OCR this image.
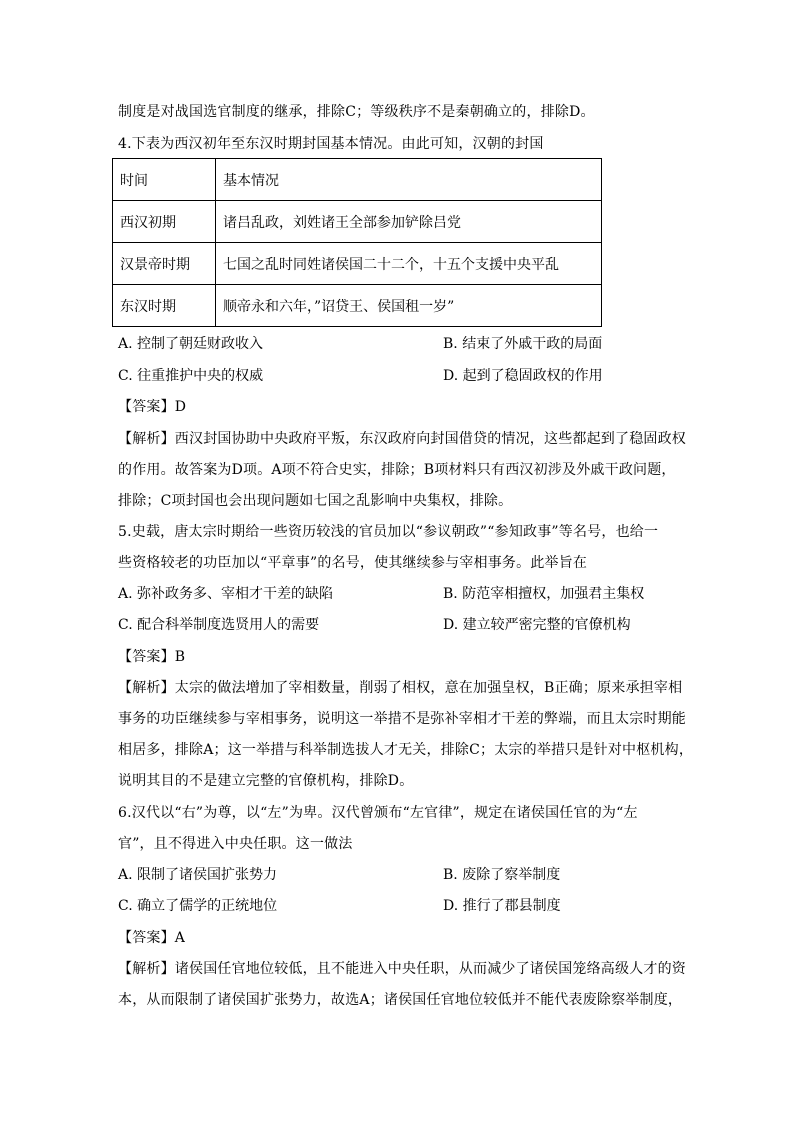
制度是对战国选官制度的继承，排除C；等级秩序不是秦朝确立的，排除D。
4.下表为西汉初年至东汉时期封国基本情况。由此可知，汉朝的封国
时间	基本情况
西汉初期	诸吕乱政，刘姓诸王全部参加铲除吕党
汉景帝时期	七国之乱时同姓诸侯国二十二个，十五个支援中央平乱
东汉时期	顺帝永和六年，”诏贷王、侯国租一岁”
A. 控制了朝廷财政收入	B. 结束了外戚干政的局面
C. 往重推护中央的权威	D. 起到了稳固政权的作用
【答案】D
【解析】西汉封国协助中央政府平叛，东汉政府向封国借贷的情况，这些都起到了稳固政权
的作用。故答案为D项。A项不符合史实，排除；B项材料只有西汉初涉及外戚干政问题，
排除；C项封国也会出现问题如七国之乱影响中央集权，排除。
5.史载，唐太宗时期给一些资历较浅的官员加以“参议朝政”“参知政事”等名号，也给一
些资格较老的功臣加以“平章事”的名号，使其继续参与宰相事务。此举旨在
A. 弥补政务多、宰相才干差的缺陷	B. 防范宰相擅权，加强君主集权
C. 配合科举制度选贤用人的需要	D. 建立较严密完整的官僚机构
【答案】B
【解析】太宗的做法增加了宰相数量，削弱了相权，意在加强皇权，B正确；原来承担宰相
事务的功臣继续参与宰相事务，说明这一举措不是弥补宰相才干差的弊端，而且太宗时期能
相居多，排除A；这一举措与科举制选拔人才无关，排除C；太宗的举措只是针对中枢机构，
说明其目的不是建立完整的官僚机构，排除D。
6.汉代以“右”为尊，以“左”为卑。汉代曾颁布“左官律”，规定在诸侯国任官的为“左
官”，且不得进入中央任职。这一做法
A. 限制了诸侯国扩张势力	B. 废除了察举制度
C. 确立了儒学的正统地位	D. 推行了郡县制度
【答案】A
【解析】诸侯国任官地位较低，且不能进入中央任职，从而减少了诸侯国笼络高级人才的资
本，从而限制了诸侯国扩张势力，故选A；诸侯国任官地位较低并不能代表废除察举制度，
